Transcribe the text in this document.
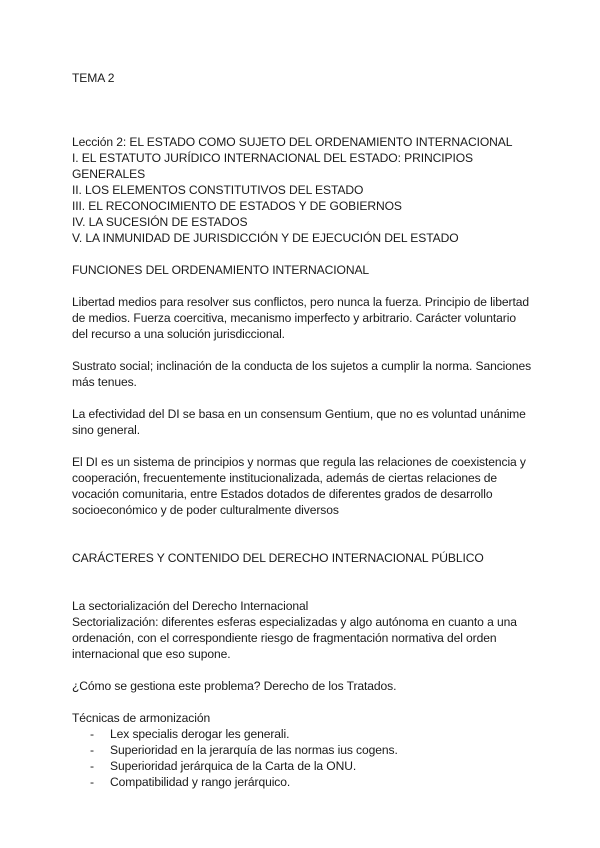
TEMA 2

Lección 2: EL ESTADO COMO SUJETO DEL ORDENAMIENTO INTERNACIONAL

I. EL ESTATUTO JURÍDICO INTERNACIONAL DEL ESTADO: PRINCIPIOS GENERALES

II. LOS ELEMENTOS CONSTITUTIVOS DEL ESTADO

III. EL RECONOCIMIENTO DE ESTADOS Y DE GOBIERNOS

IV. LA SUCESIÓN DE ESTADOS

V. LA INMUNIDAD DE JURISDICCIÓN Y DE EJECUCIÓN DEL ESTADO

FUNCIONES DEL ORDENAMIENTO INTERNACIONAL

Libertad medios para resolver sus conflictos, pero nunca la fuerza. Principio de libertad de medios. Fuerza coercitiva, mecanismo imperfecto y arbitrario. Carácter voluntario del recurso a una solución jurisdiccional.

Sustrato social; inclinación de la conducta de los sujetos a cumplir la norma. Sanciones más tenues.

La efectividad del DI se basa en un consensum Gentium, que no es voluntad unánime sino general.

El DI es un sistema de principios y normas que regula las relaciones de coexistencia y cooperación, frecuentemente institucionalizada, además de ciertas relaciones de vocación comunitaria, entre Estados dotados de diferentes grados de desarrollo socioeconómico y de poder culturalmente diversos

CARÁCTERES Y CONTENIDO DEL DERECHO INTERNACIONAL PÚBLICO

La sectorialización del Derecho Internacional

Sectorialización: diferentes esferas especializadas y algo autónoma en cuanto a una ordenación, con el correspondiente riesgo de fragmentación normativa del orden internacional que eso supone.

¿Cómo se gestiona este problema? Derecho de los Tratados.

Técnicas de armonización

- Lex specialis derogar les generali.
- Superioridad en la jerarquía de las normas ius cogens.
- Superioridad jerárquica de la Carta de la ONU.
- Compatibilidad y rango jerárquico.
